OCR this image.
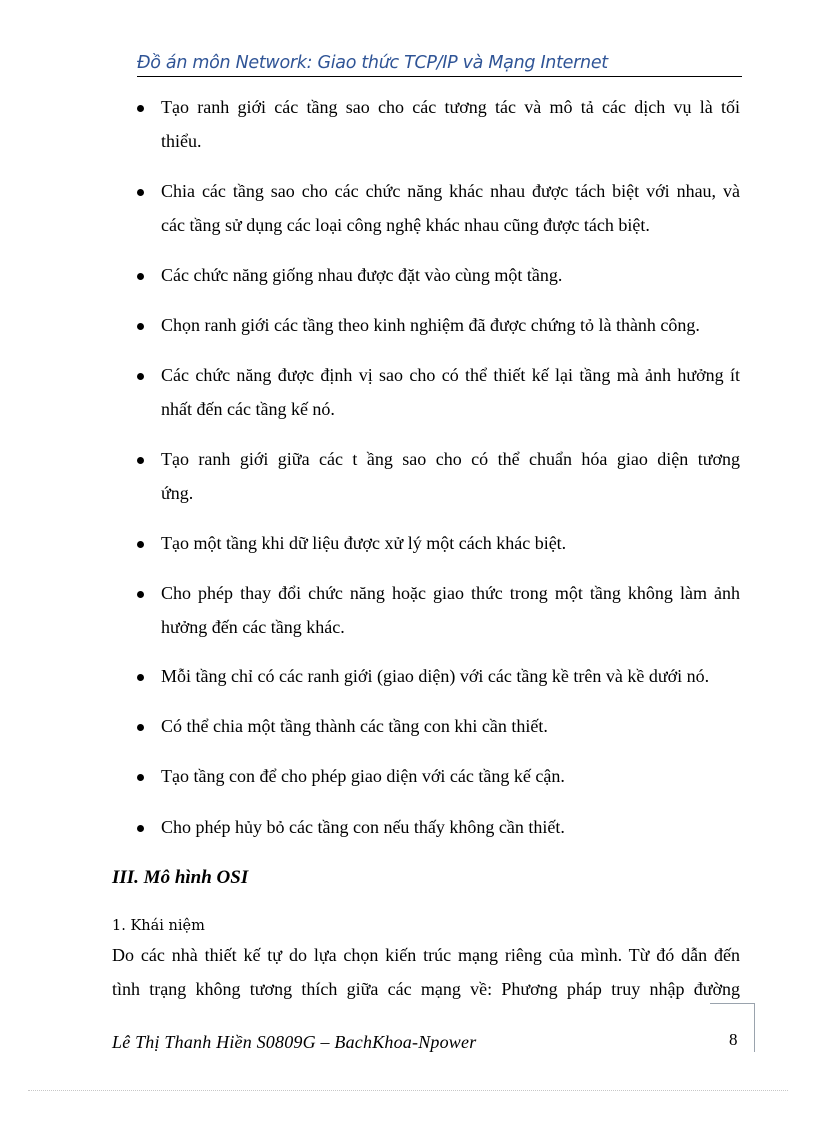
Đồ án môn Network: Giao thức TCP/IP và Mạng Internet
Tạo ranh giới các tầng sao cho các tương tác và mô tả các dịch vụ là tối
thiểu.
Chia các tầng sao cho các chức năng khác nhau được tách biệt với nhau, và
các tầng sử dụng các loại công nghệ khác nhau cũng được tách biệt.
Các chức năng giống nhau được đặt vào cùng một tầng.
Chọn ranh giới các tầng theo kinh nghiệm đã được chứng tỏ là thành công.
Các chức năng được định vị sao cho có thể thiết kế lại tầng mà ảnh hưởng ít
nhất đến các tầng kế nó.
Tạo ranh giới giữa các t ầng sao cho có thể chuẩn hóa giao diện tương
ứng.
Tạo một tầng khi dữ liệu được xử lý một cách khác biệt.
Cho phép thay đổi chức năng hoặc giao thức trong một tầng không làm ảnh
hưởng đến các tầng khác.
Mỗi tầng chỉ có các ranh giới (giao diện) với các tầng kề trên và kề dưới nó.
Có thể chia một tầng thành các tầng con khi cần thiết.
Tạo tầng con để cho phép giao diện với các tầng kế cận.
Cho phép hủy bỏ các tầng con nếu thấy không cần thiết.
III. Mô hình OSI
1. Khái niệm
Do các nhà thiết kế tự do lựa chọn kiến trúc mạng riêng của mình. Từ đó dẫn đến
tình trạng không tương thích giữa các mạng về: Phương pháp truy nhập đường
Lê Thị Thanh Hiền S0809G – BachKhoa-Npower	8
